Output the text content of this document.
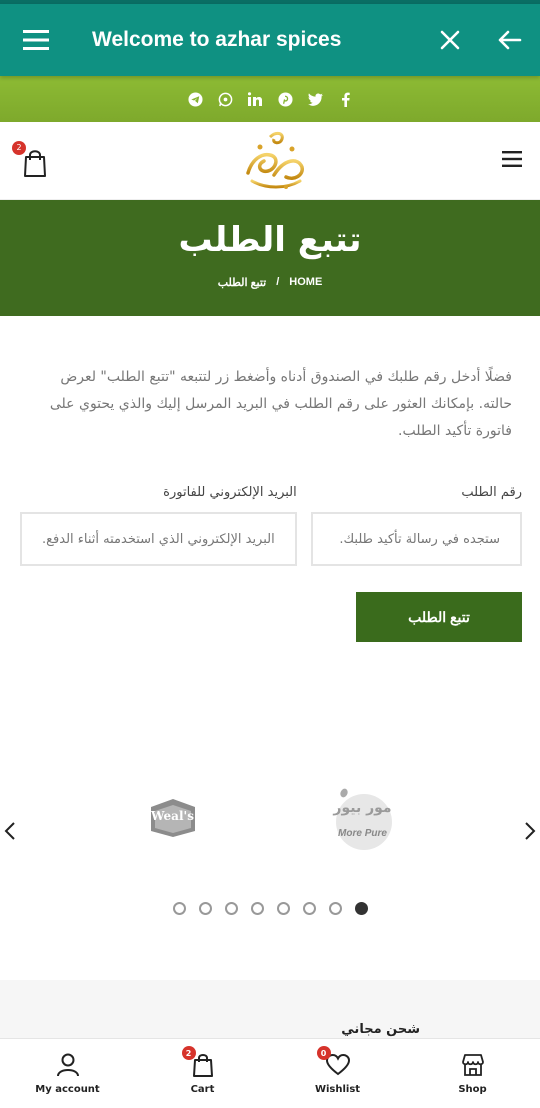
Welcome to azhar spices
2
تتبع الطلب
تتبع الطلب / HOME

فضلًا أدخل رقم طلبك في الصندوق أدناه وأضغط زر لتتبعه "تتبع الطلب" لعرض حالته. بإمكانك العثور على رقم الطلب في البريد المرسل إليك والذي يحتوي على فاتورة تأكيد الطلب.

رقم الطلب
ستجده في رسالة تأكيد طلبك.
البريد الإلكتروني للفاتورة
البريد الإلكتروني الذي استخدمته أثناء الدفع.
تتبع الطلب
Weal's	مور بيور
More Pure
شحن مجاني
My account
2
Cart
0
Wishlist	Shop
